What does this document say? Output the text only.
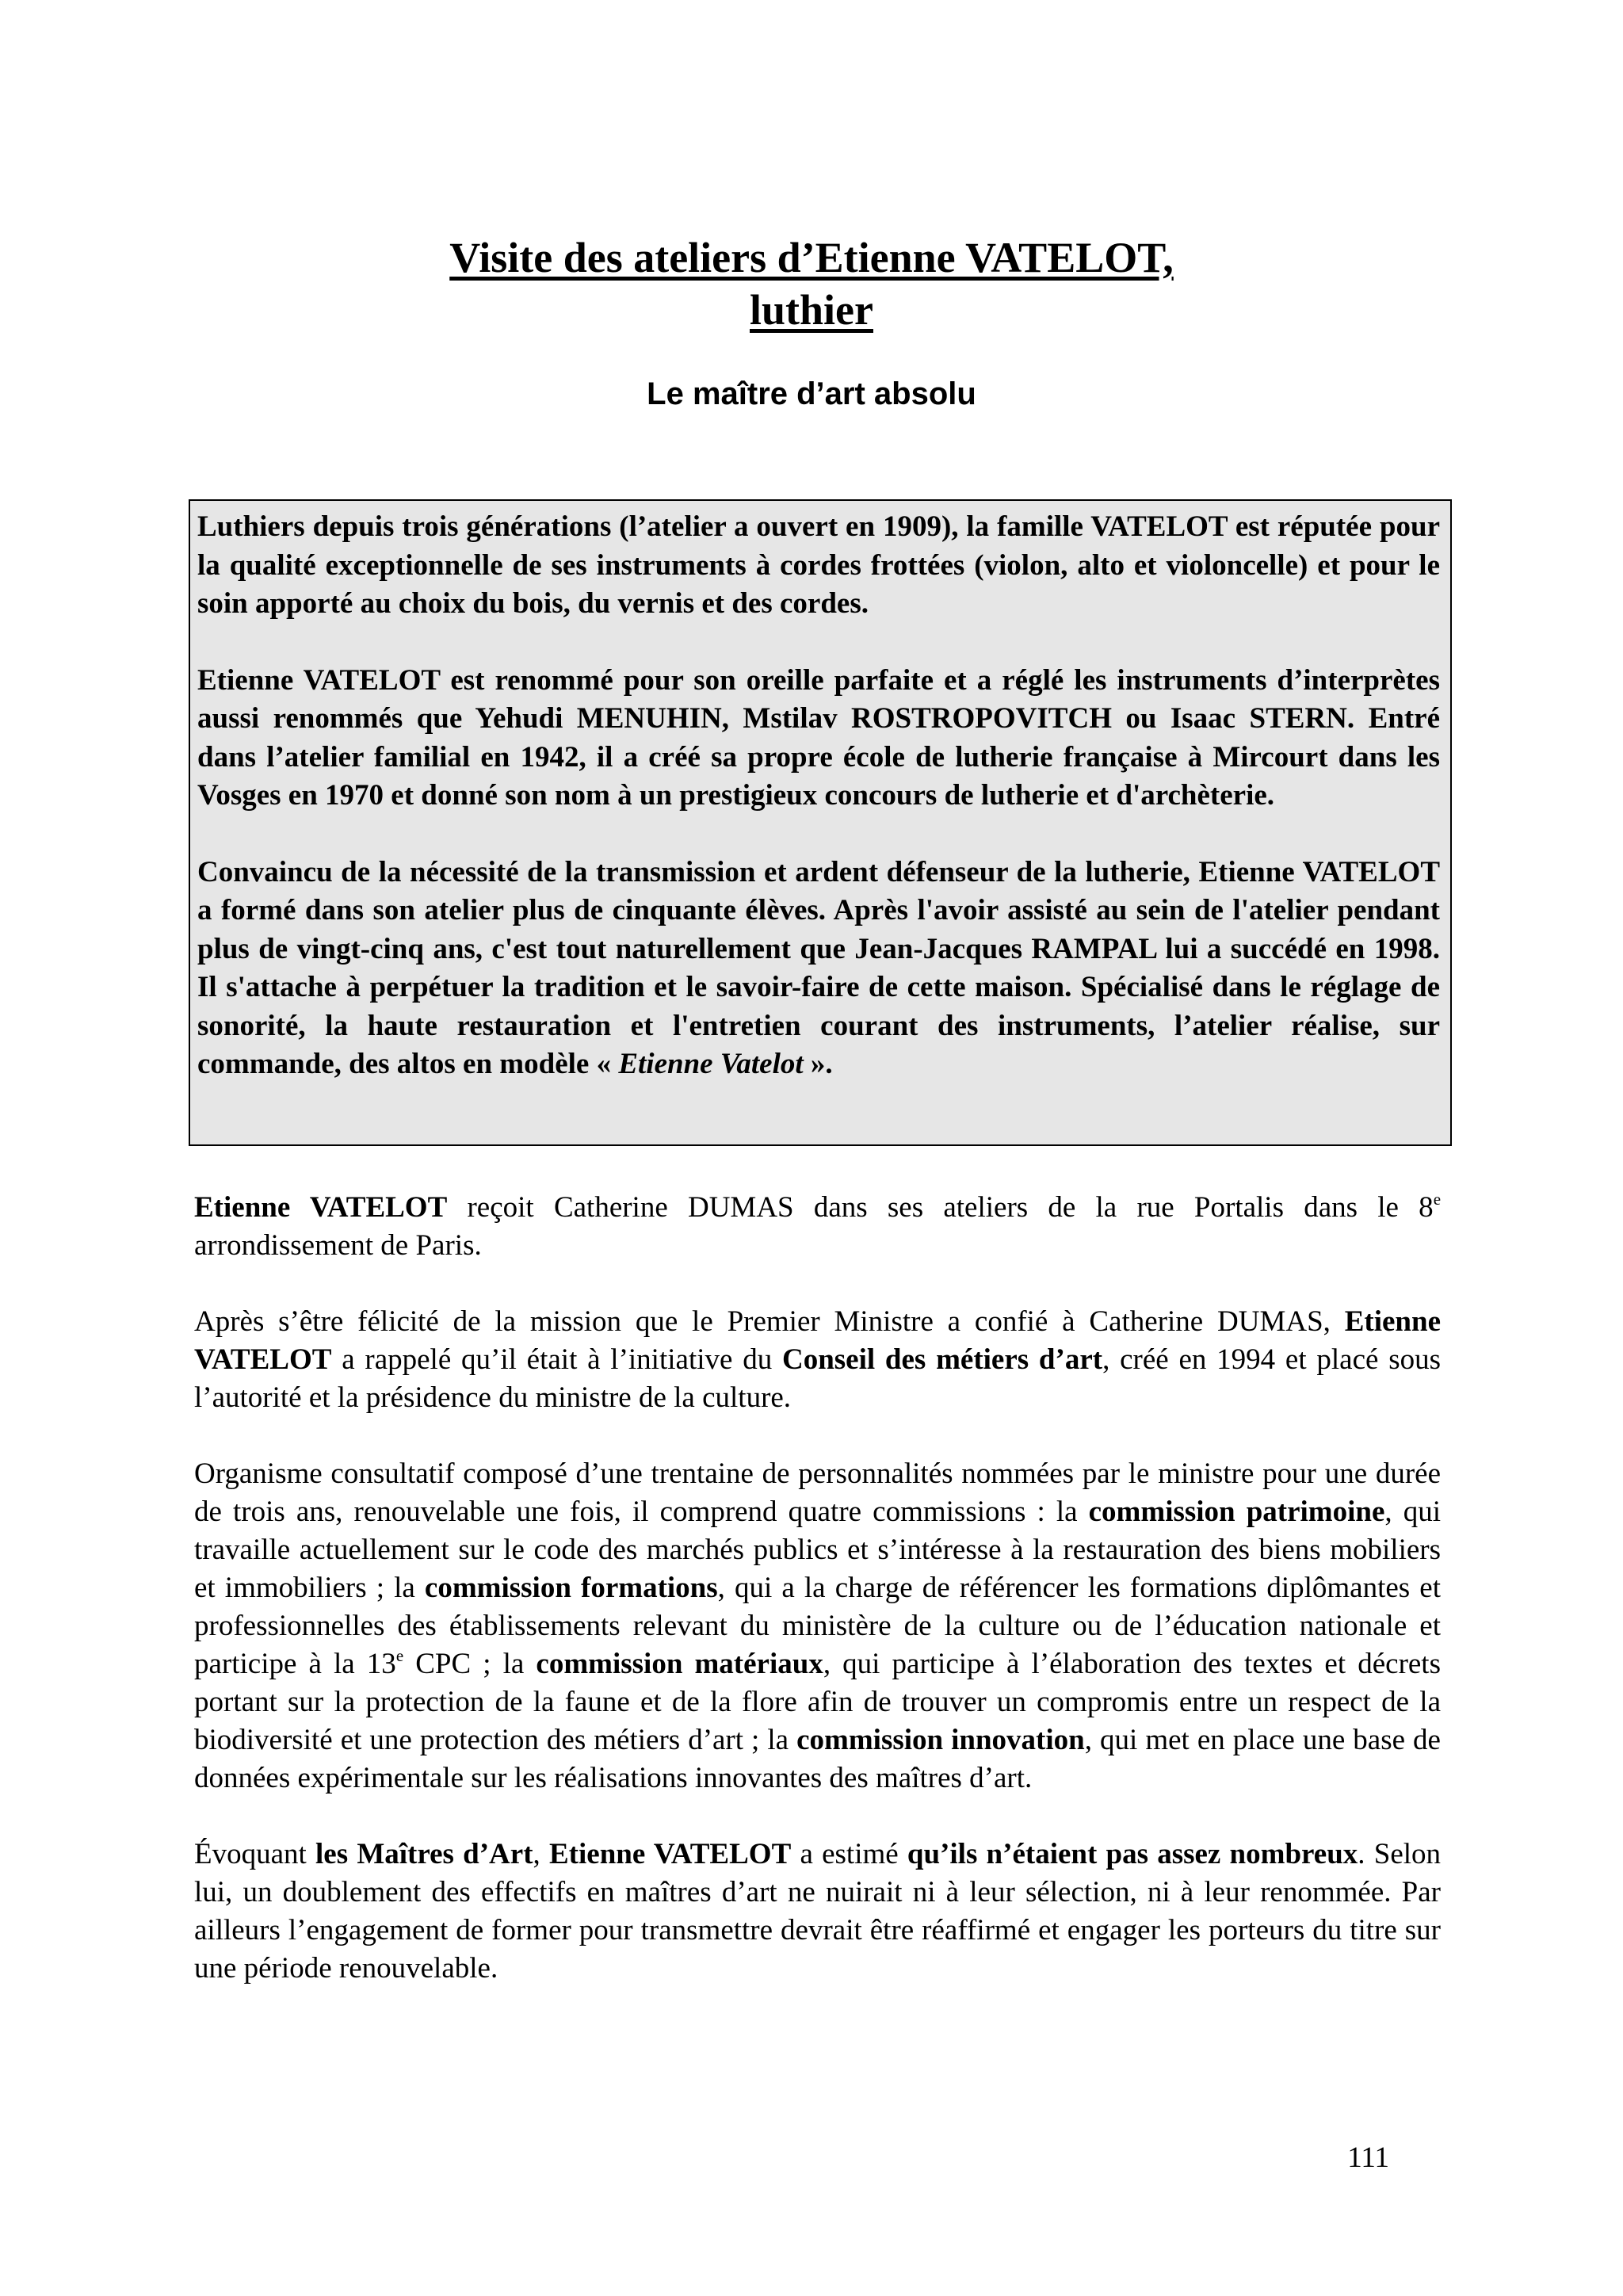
Visite des ateliers d’Etienne VATELOT,
luthier
Le maître d’art absolu

Luthiers depuis trois générations (l’atelier a ouvert en 1909), la famille VATELOT est réputée pour la qualité exceptionnelle de ses instruments à cordes frottées (violon, alto et violoncelle) et pour le soin apporté au choix du bois, du vernis et des cordes.

Etienne VATELOT est renommé pour son oreille parfaite et a réglé les instruments d’interprètes aussi renommés que Yehudi MENUHIN, Mstilav ROSTROPOVITCH ou Isaac STERN. Entré dans l’atelier familial en 1942, il a créé sa propre école de lutherie française à Mircourt dans les Vosges en 1970 et donné son nom à un prestigieux concours de lutherie et d'archèterie.

Convaincu de la nécessité de la transmission et ardent défenseur de la lutherie, Etienne VATELOT a formé dans son atelier plus de cinquante élèves. Après l'avoir assisté au sein de l'atelier pendant plus de vingt-cinq ans, c'est tout naturellement que Jean-Jacques RAMPAL lui a succédé en 1998. Il s'attache à perpétuer la tradition et le savoir-faire de cette maison. Spécialisé dans le réglage de sonorité, la haute restauration et l'entretien courant des instruments, l’atelier réalise, sur commande, des altos en modèle « Etienne Vatelot ».

Etienne VATELOT reçoit Catherine DUMAS dans ses ateliers de la rue Portalis dans le 8e arrondissement de Paris.

Après s’être félicité de la mission que le Premier Ministre a confié à Catherine DUMAS, Etienne VATELOT a rappelé qu’il était à l’initiative du Conseil des métiers d’art, créé en 1994 et placé sous l’autorité et la présidence du ministre de la culture.

Organisme consultatif composé d’une trentaine de personnalités nommées par le ministre pour une durée de trois ans, renouvelable une fois, il comprend quatre commissions : la commission patrimoine, qui travaille actuellement sur le code des marchés publics et s’intéresse à la restauration des biens mobiliers et immobiliers ; la commission formations, qui a la charge de référencer les formations diplômantes et professionnelles des établissements relevant du ministère de la culture ou de l’éducation nationale et participe à la 13e CPC ; la commission matériaux, qui participe à l’élaboration des textes et décrets portant sur la protection de la faune et de la flore afin de trouver un compromis entre un respect de la biodiversité et une protection des métiers d’art ; la commission innovation, qui met en place une base de données expérimentale sur les réalisations innovantes des maîtres d’art.

Évoquant les Maîtres d’Art, Etienne VATELOT a estimé qu’ils n’étaient pas assez nombreux. Selon lui, un doublement des effectifs en maîtres d’art ne nuirait ni à leur sélection, ni à leur renommée. Par ailleurs l’engagement de former pour transmettre devrait être réaffirmé et engager les porteurs du titre sur une période renouvelable.

111
